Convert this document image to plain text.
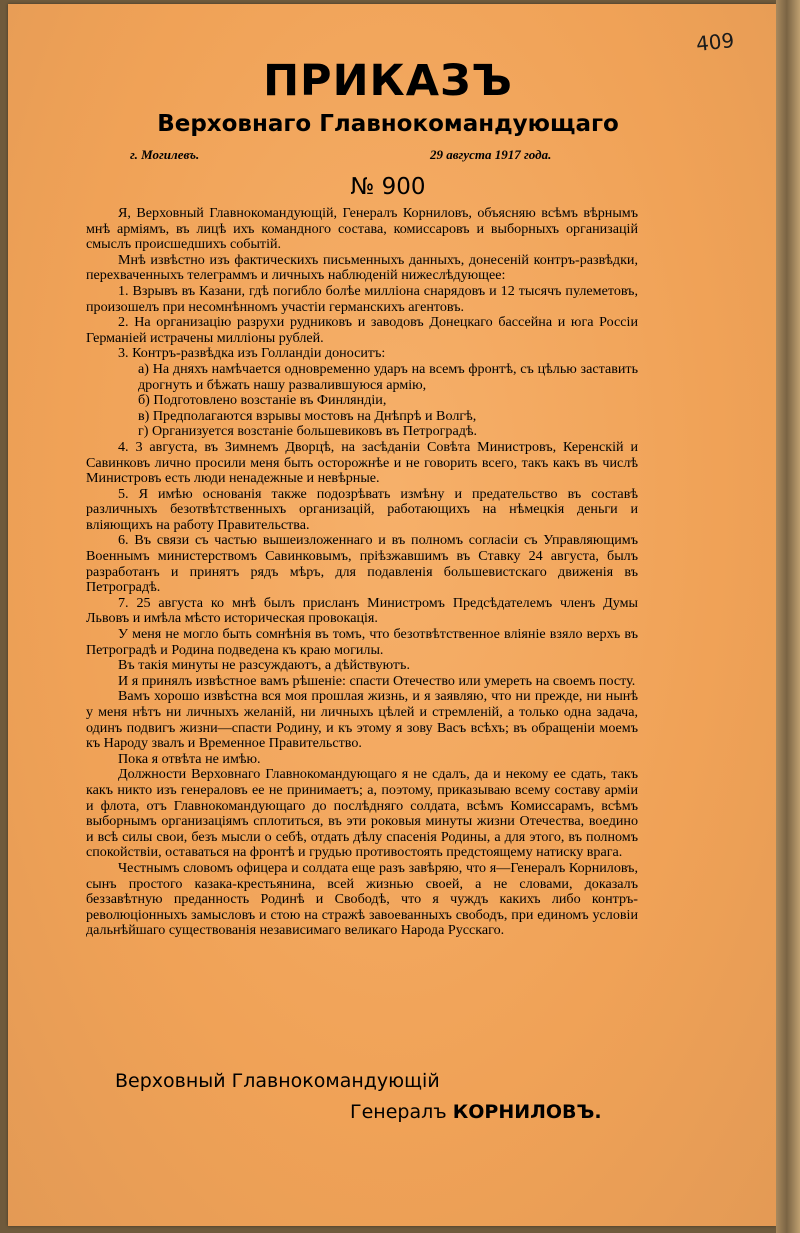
409
ПРИКАЗЪ
Верховнаго Главнокомандующаго
г. Могилевъ.	29 августа 1917 года.
№ 900

Я, Верховный Главнокомандующій, Генералъ Корниловъ, объясняю всѣмъ вѣрнымъ мнѣ арміямъ, въ лицѣ ихъ командного состава, комиссаровъ и выборныхъ организацій смыслъ происшедшихъ событій.

Мнѣ извѣстно изъ фактическихъ письменныхъ данныхъ, донесеній контръ-развѣдки, перехваченныхъ телеграммъ и личныхъ наблюденій нижеслѣдующее:

1. Взрывъ въ Казани, гдѣ погибло болѣе милліона снарядовъ и 12 тысячъ пулеметовъ, произошелъ при несомнѣнномъ участіи германскихъ агентовъ.

2. На организацію разрухи рудниковъ и заводовъ Донецкаго бассейна и юга Россіи Германіей истрачены милліоны рублей.

3. Контръ-развѣдка изъ Голландіи доноситъ:

а) На дняхъ намѣчается одновременно ударъ на всемъ фронтѣ, съ цѣлью заставить дрогнуть и бѣжать нашу развалившуюся армію,

б) Подготовлено возстаніе въ Финляндіи,

в) Предполагаются взрывы мостовъ на Днѣпрѣ и Волгѣ,

г) Организуется возстаніе большевиковъ въ Петроградѣ.

4. 3 августа, въ Зимнемъ Дворцѣ, на засѣданіи Совѣта Министровъ, Керенскій и Савинковъ лично просили меня быть осторожнѣе и не говорить всего, такъ какъ въ числѣ Министровъ есть люди ненадежные и невѣрные.

5. Я имѣю основанія также подозрѣвать измѣну и предательство въ составѣ различныхъ безотвѣтственныхъ организацій, работающихъ на нѣмецкія деньги и вліяющихъ на работу Правительства.

6. Въ связи съ частью вышеизложеннаго и въ полномъ согласіи съ Управляющимъ Военнымъ министерствомъ Савинковымъ, пріѣзжавшимъ въ Ставку 24 августа, былъ разработанъ и принятъ рядъ мѣръ, для подавленія большевистскаго движенія въ Петроградѣ.

7. 25 августа ко мнѣ былъ присланъ Министромъ Предсѣдателемъ членъ Думы Львовъ и имѣла мѣсто историческая провокація.

У меня не могло быть сомнѣнія въ томъ, что безотвѣтственное вліяніе взяло верхъ въ Петроградѣ и Родина подведена къ краю могилы.

Въ такія минуты не разсуждаютъ, а дѣйствуютъ.

И я принялъ извѣстное вамъ рѣшеніе: спасти Отечество или умереть на своемъ посту.

Вамъ хорошо извѣстна вся моя прошлая жизнь, и я заявляю, что ни прежде, ни нынѣ у меня нѣтъ ни личныхъ желаній, ни личныхъ цѣлей и стремленій, а только одна задача, одинъ подвигъ жизни—спасти Родину, и къ этому я зову Васъ всѣхъ; въ обращеніи моемъ къ Народу звалъ и Временное Правительство.

Пока я отвѣта не имѣю.

Должности Верховнаго Главнокомандующаго я не сдалъ, да и некому ее сдать, такъ какъ никто изъ генераловъ ее не принимаетъ; а, поэтому, приказываю всему составу арміи и флота, отъ Главнокомандующаго до послѣдняго солдата, всѣмъ Комиссарамъ, всѣмъ выборнымъ организаціямъ сплотиться, въ эти роковыя минуты жизни Отечества, воедино и всѣ силы свои, безъ мысли о себѣ, отдать дѣлу спасенія Родины, а для этого, въ полномъ спокойствіи, оставаться на фронтѣ и грудью противостоять предстоящему натиску врага.

Честнымъ словомъ офицера и солдата еще разъ завѣряю, что я—Генералъ Корниловъ, сынъ простого казака-крестьянина, всей жизнью своей, а не словами, доказалъ беззавѣтную преданность Родинѣ и Свободѣ, что я чуждъ какихъ либо контръ-революціонныхъ замысловъ и стою на стражѣ завоеванныхъ свободъ, при единомъ условіи дальнѣйшаго существованія независимаго великаго Народа Русскаго.

Верховный Главнокомандующій
Генералъ КОРНИЛОВЪ.
